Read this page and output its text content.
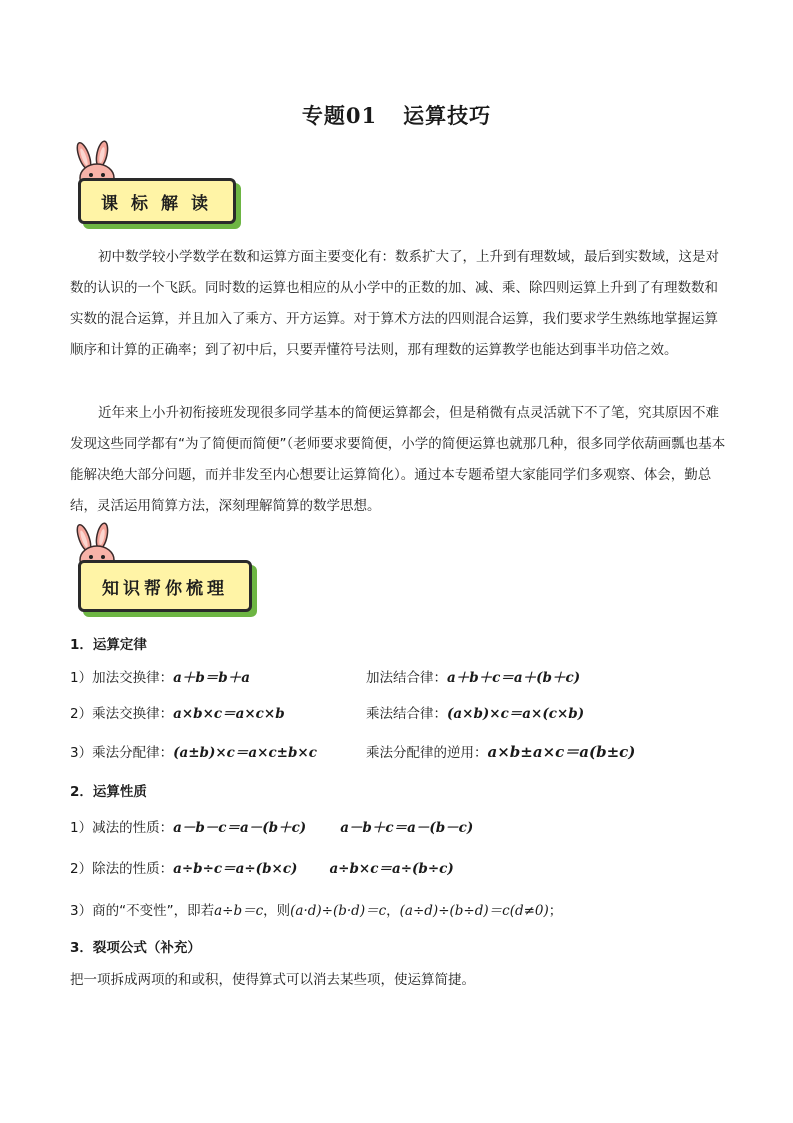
专题01 运算技巧
课标解读

初中数学较小学数学在数和运算方面主要变化有：数系扩大了，上升到有理数域，最后到实数域，这是对数的认识的一个飞跃。同时数的运算也相应的从小学中的正数的加、减、乘、除四则运算上升到了有理数数和实数的混合运算，并且加入了乘方、开方运算。对于算术方法的四则混合运算，我们要求学生熟练地掌握运算顺序和计算的正确率；到了初中后，只要弄懂符号法则，那有理数的运算教学也能达到事半功倍之效。

近年来上小升初衔接班发现很多同学基本的简便运算都会，但是稍微有点灵活就下不了笔，究其原因不难发现这些同学都有“为了简便而简便”（老师要求要简便，小学的简便运算也就那几种，很多同学依葫画瓢也基本能解决绝大部分问题，而并非发至内心想要让运算简化）。通过本专题希望大家能同学们多观察、体会，勤总结，灵活运用简算方法，深刻理解简算的数学思想。

知识帮你梳理
1．运算定律
1）加法交换律：a＋b＝b＋a	加法结合律：a＋b＋c＝a＋(b＋c)
2）乘法交换律：a×b×c＝a×c×b	乘法结合律：(a×b)×c＝a×(c×b)
3）乘法分配律：(a±b)×c＝a×c±b×c	乘法分配律的逆用：a×b±a×c＝a(b±c)
2．运算性质
1）减法的性质：a－b－c＝a－(b＋c)	a－b＋c＝a－(b－c)
2）除法的性质：a÷b÷c＝a÷(b×c) a÷b×c＝a÷(b÷c)
3）商的“不变性”，即若a÷b＝c，则(a·d)÷(b·d)＝c，(a÷d)÷(b÷d)＝c(d≠0)；
3．裂项公式（补充）
把一项拆成两项的和或积，使得算式可以消去某些项，使运算简捷。
